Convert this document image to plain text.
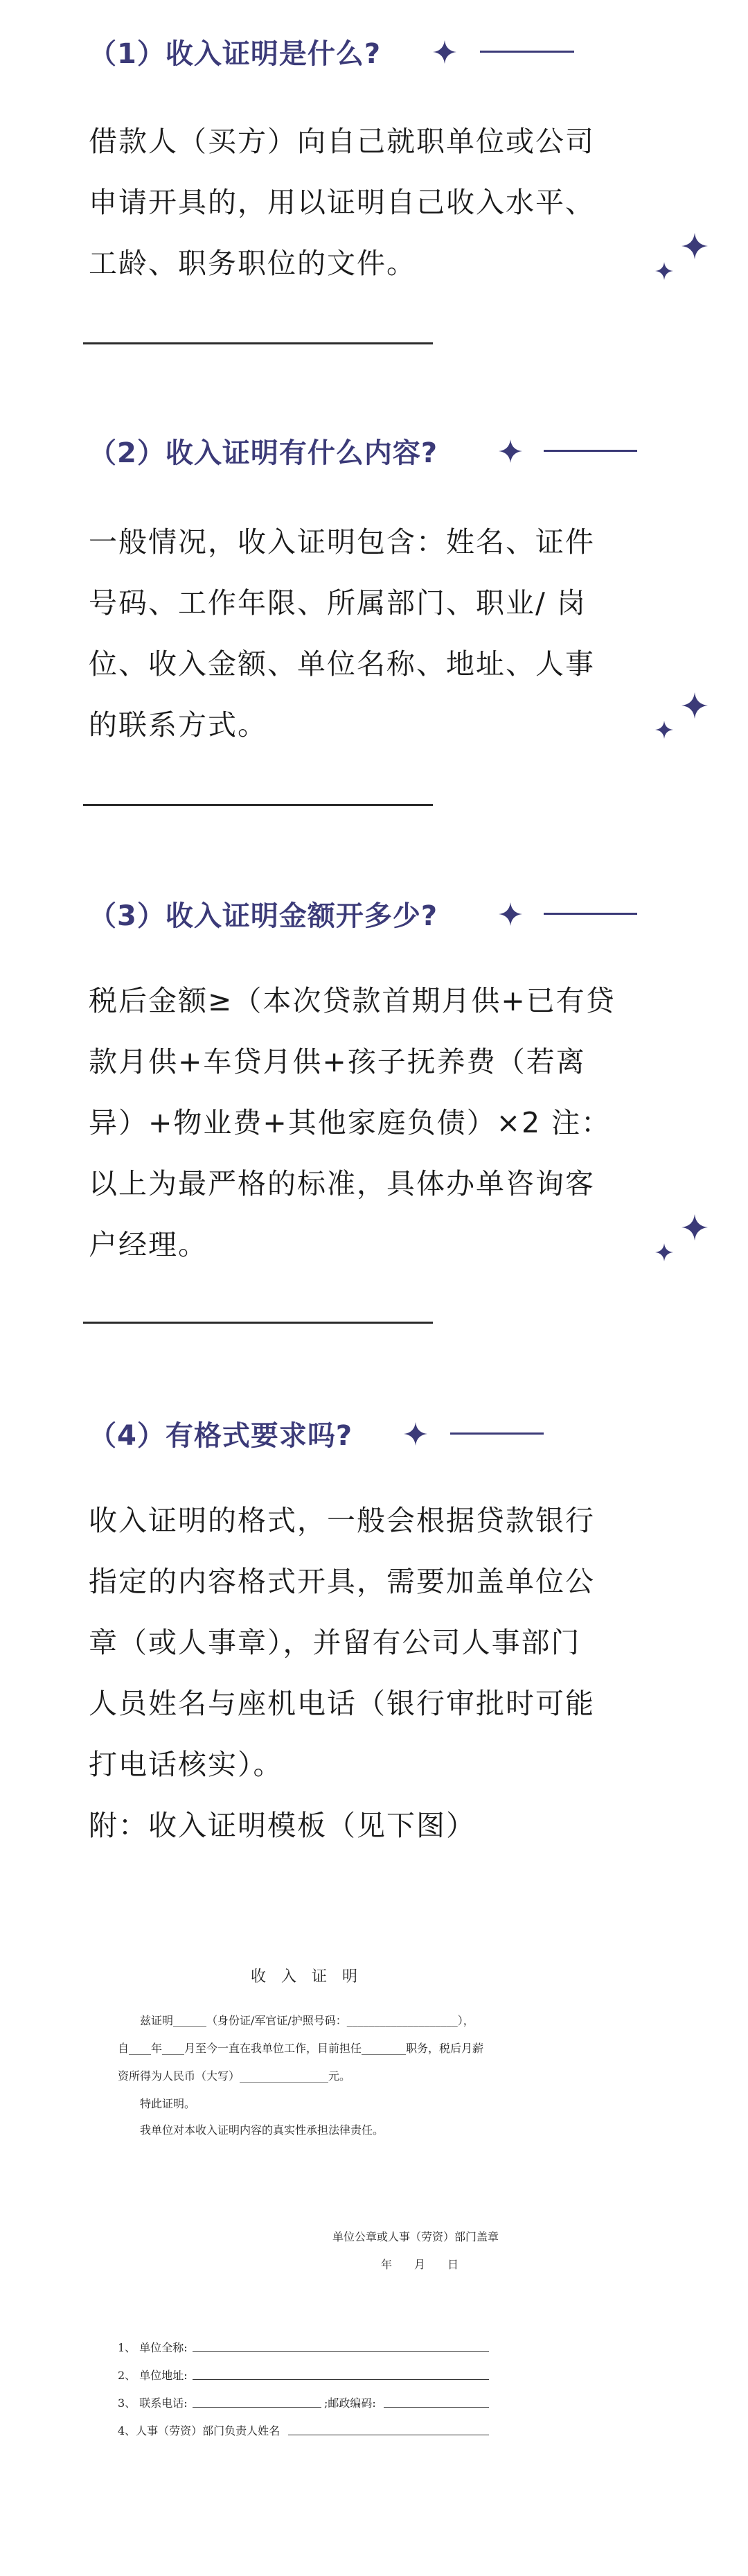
（1）收入证明是什么?

借款人（买方）向自己就职单位或公司

申请开具的，用以证明自己收入水平、

工龄、职务职位的文件。

（2）收入证明有什么内容?

一般情况，收入证明包含：姓名、证件

号码、工作年限、所属部门、职业/ 岗

位、收入金额、单位名称、地址、人事

的联系方式。

（3）收入证明金额开多少?

税后金额≥（本次贷款首期月供+已有贷

款月供+车贷月供+孩子抚养费（若离

异）+物业费+其他家庭负债）×2 注：

以上为最严格的标准，具体办单咨询客

户经理。

（4）有格式要求吗?

收入证明的格式，一般会根据贷款银行

指定的内容格式开具，需要加盖单位公

章（或人事章），并留有公司人事部门

人员姓名与座机电话（银行审批时可能

打电话核实）。

附：收入证明模板（见下图）

收入证明
兹证明______（身份证/军官证/护照号码：____________________），
自____年____月至今一直在我单位工作，目前担任________职务，税后月薪
资所得为人民币（大写）________________元。
特此证明。
我单位对本收入证明内容的真实性承担法律责任。
单位公章或人事（劳资）部门盖章
年　　月　　日
1、 单位全称:
2、 单位地址:
3、 联系电话:	;邮政编码:
4、人事（劳资）部门负责人姓名
